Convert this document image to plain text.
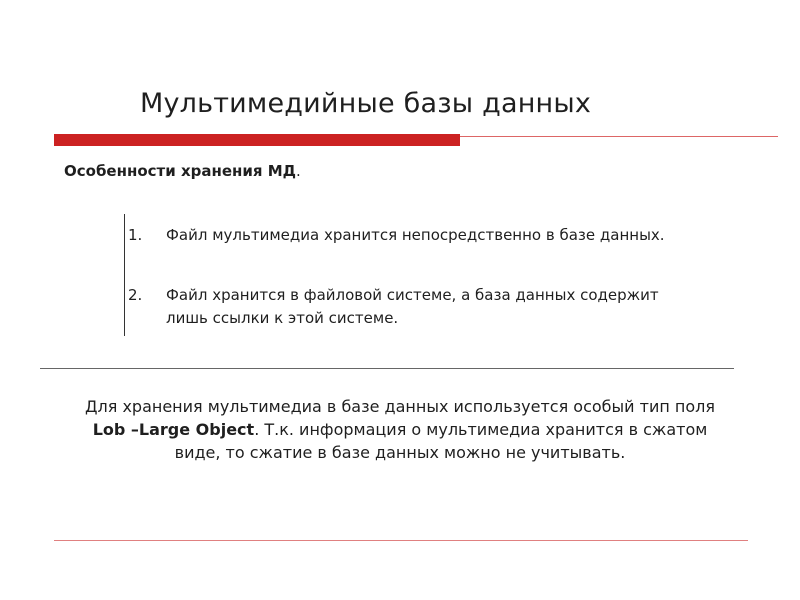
Мультимедийные базы данных
Особенности хранения МД.
1. Файл мультимедиа хранится непосредственно в базе данных.
2. Файл хранится в файловой системе, а база данных содержит лишь ссылки к этой системе.
Для хранения мультимедиа в базе данных используется особый тип поля Lob –Large Object. Т.к. информация о мультимедиа хранится в сжатом виде, то сжатие в базе данных можно не учитывать.
